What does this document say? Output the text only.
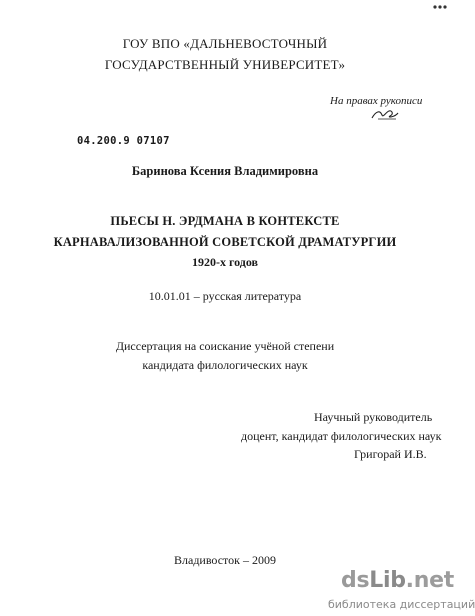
ГОУ ВПО «ДАЛЬНЕВОСТОЧНЫЙ
ГОСУДАРСТВЕННЫЙ УНИВЕРСИТЕТ»
На правах рукописи
04.200.9 07107
Баринова Ксения Владимировна
ПЬЕСЫ Н. ЭРДМАНА В КОНТЕКСТЕ
КАРНАВАЛИЗОВАННОЙ СОВЕТСКОЙ ДРАМАТУРГИИ
1920-х годов
10.01.01 – русская литература
Диссертация на соискание учёной степени
кандидата филологических наук
Научный руководитель
доцент, кандидат филологических наук
Григорай И.В.
Владивосток – 2009
dsLib.net
библиотека диссертаций
